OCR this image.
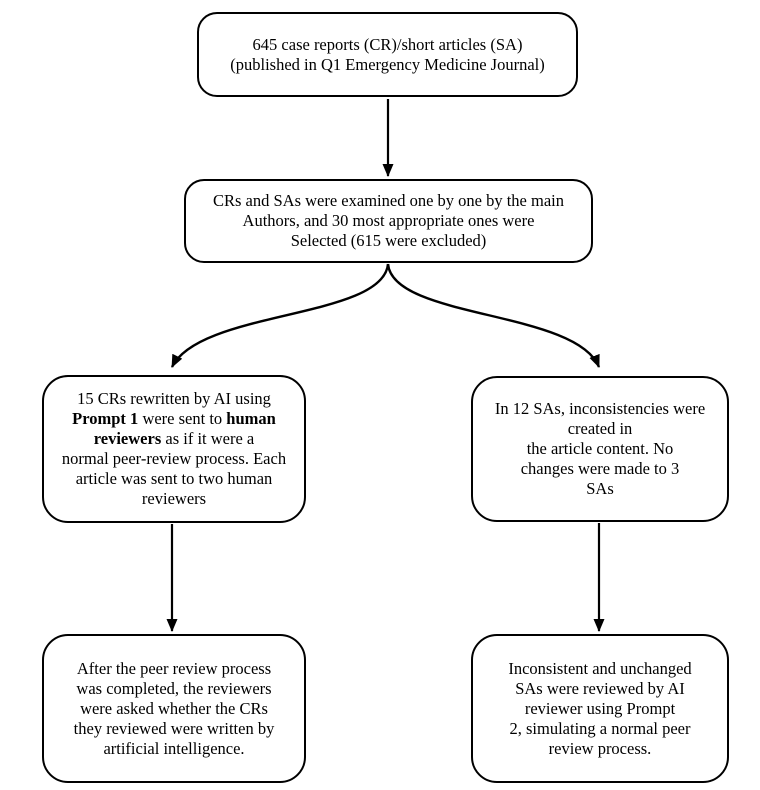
645 case reports (CR)/short articles (SA)
(published in Q1 Emergency Medicine Journal)
CRs and SAs were examined one by one by the main
Authors, and 30 most appropriate ones were
Selected (615 were excluded)
15 CRs rewritten by AI using
Prompt 1 were sent to human
reviewers as if it were a
normal peer-review process. Each
article was sent to two human
reviewers
In 12 SAs, inconsistencies were
created in
the article content. No
changes were made to 3
SAs
After the peer review process
was completed, the reviewers
were asked whether the CRs
they reviewed were written by
artificial intelligence.
Inconsistent and unchanged
SAs were reviewed by AI
reviewer using Prompt
2, simulating a normal peer
review process.
